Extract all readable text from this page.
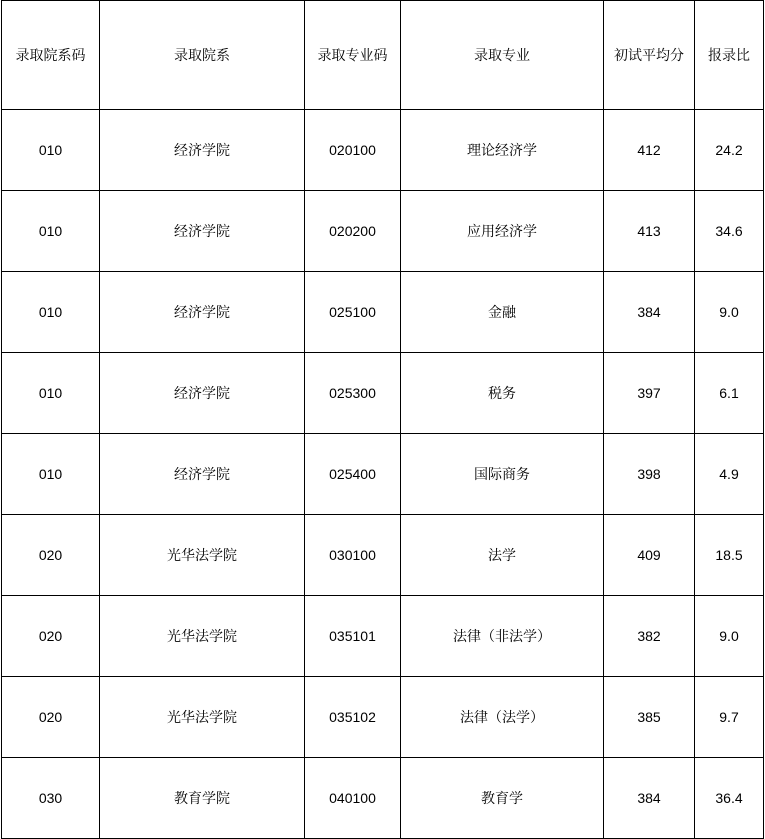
录取院系码	录取院系	录取专业码	录取专业	初试平均分	报录比
010	经济学院	020100	理论经济学	412	24.2
010	经济学院	020200	应用经济学	413	34.6
010	经济学院	025100	金融	384	9.0
010	经济学院	025300	税务	397	6.1
010	经济学院	025400	国际商务	398	4.9
020	光华法学院	030100	法学	409	18.5
020	光华法学院	035101	法律（非法学）	382	9.0
020	光华法学院	035102	法律（法学）	385	9.7
030	教育学院	040100	教育学	384	36.4
